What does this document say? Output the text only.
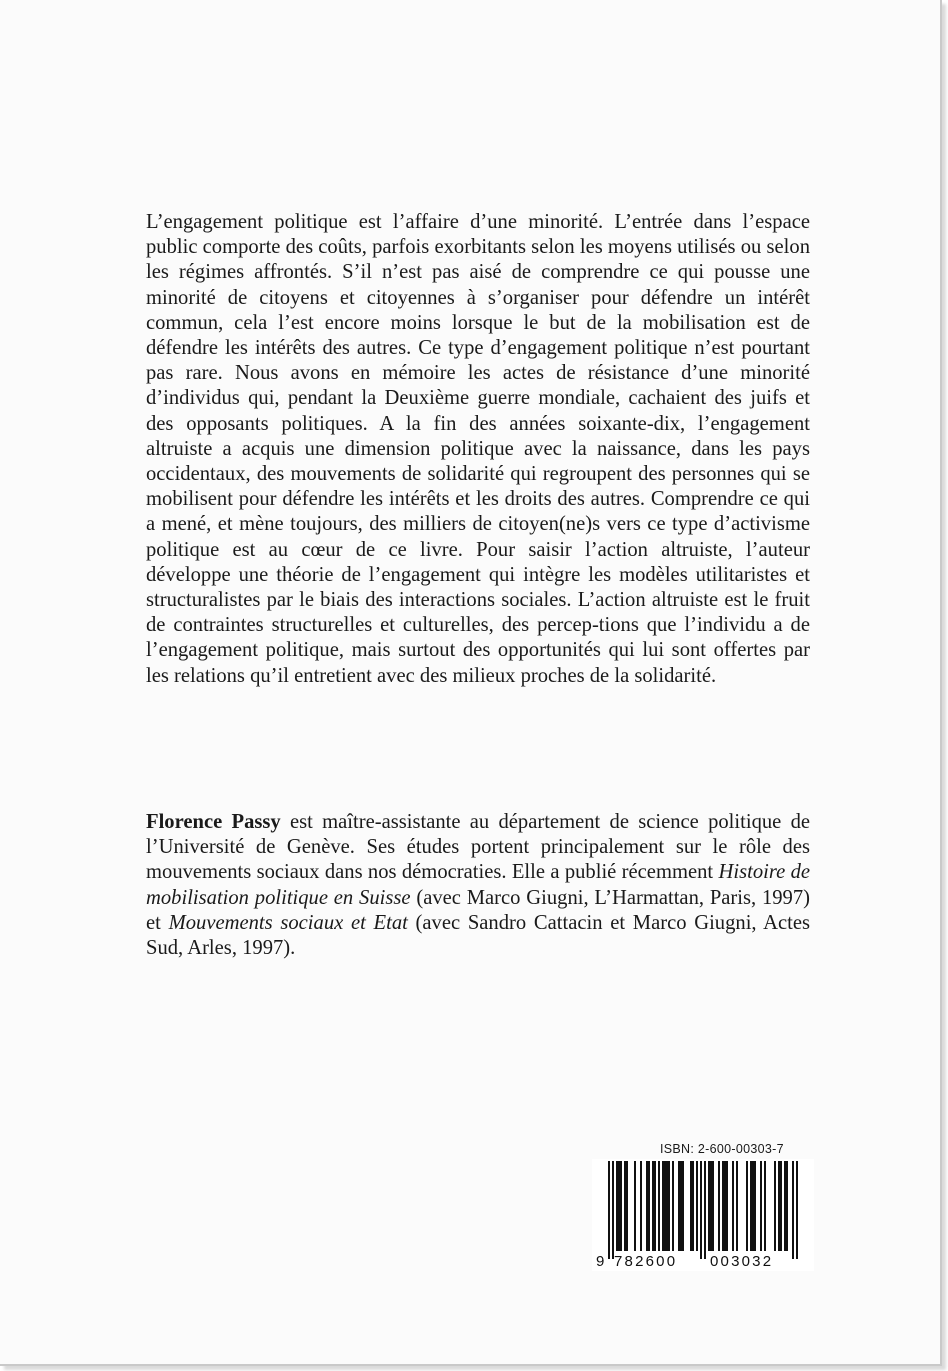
L’engagement politique est l’affaire d’une minorité. L’entrée dans l’espace public comporte des coûts, parfois exorbitants selon les moyens utilisés ou selon les régimes affrontés. S’il n’est pas aisé de comprendre ce qui pousse une minorité de citoyens et citoyennes à s’organiser pour défendre un intérêt commun, cela l’est encore moins lorsque le but de la mobilisation est de défendre les intérêts des autres. Ce type d’engagement politique n’est pourtant pas rare. Nous avons en mémoire les actes de résistance d’une minorité d’individus qui, pendant la Deuxième guerre mondiale, cachaient des juifs et des opposants politiques. A la fin des années soixante-dix, l’engagement altruiste a acquis une dimension politique avec la naissance, dans les pays occidentaux, des mouvements de solidarité qui regroupent des personnes qui se mobilisent pour défendre les intérêts et les droits des autres. Comprendre ce qui a mené, et mène toujours, des milliers de citoyen(ne)s vers ce type d’activisme politique est au cœur de ce livre. Pour saisir l’action altruiste, l’auteur développe une théorie de l’engagement qui intègre les modèles utilitaristes et structuralistes par le biais des interactions sociales. L’action altruiste est le fruit de contraintes structurelles et culturelles, des percep-tions que l’individu a de l’engagement politique, mais surtout des opportunités qui lui sont offertes par les relations qu’il entretient avec des milieux proches de la solidarité.

Florence Passy est maître-assistante au département de science politique de l’Université de Genève. Ses études portent principalement sur le rôle des mouvements sociaux dans nos démocraties. Elle a publié récemment Histoire de mobilisation politique en Suisse (avec Marco Giugni, L’Harmattan, Paris, 1997) et Mouvements sociaux et Etat (avec Sandro Cattacin et Marco Giugni, Actes Sud, Arles, 1997).

ISBN: 2-600-00303-7
9 782600 003032
